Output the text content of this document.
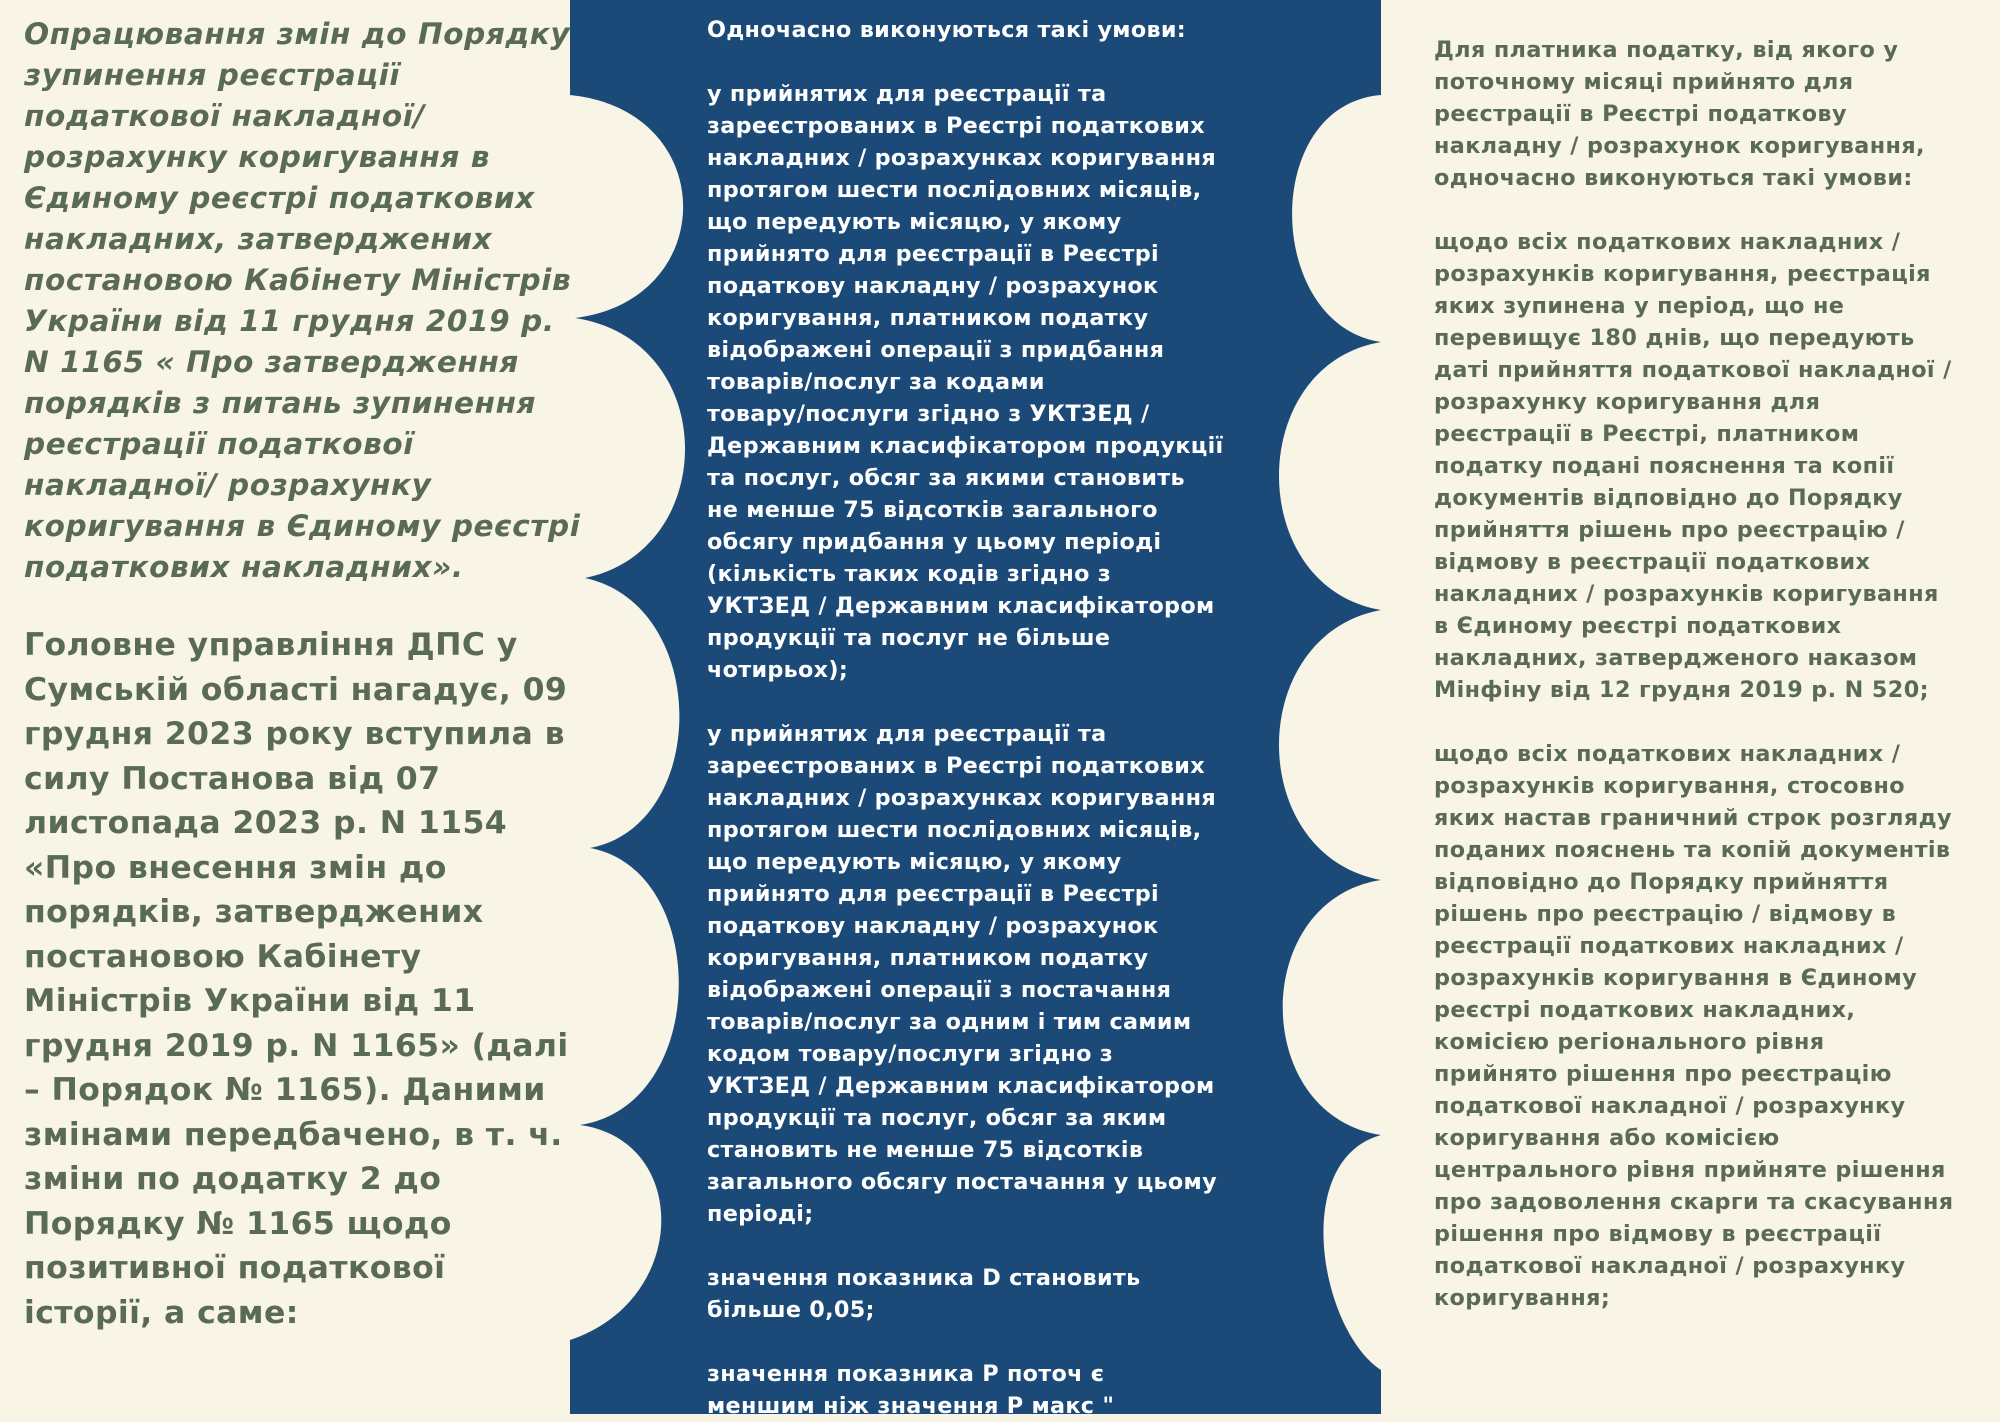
Опрацювання змін до Порядку
зупинення реєстрації
податкової накладної/
розрахунку коригування в
Єдиному реєстрі податкових
накладних, затверджених
постановою Кабінету Міністрів
України від 11 грудня 2019 р.
N 1165 « Про затвердження
порядків з питань зупинення
реєстрації податкової
накладної/ розрахунку
коригування в Єдиному реєстрі
податкових накладних».

Головне управління ДПС у
Сумській області нагадує, 09
грудня 2023 року вступила в
силу Постанова від 07
листопада 2023 р. N 1154
«Про внесення змін до
порядків, затверджених
постановою Кабінету
Міністрів України від 11
грудня 2019 р. N 1165» (далі
– Порядок № 1165). Даними
змінами передбачено, в т. ч.
зміни по додатку 2 до
Порядку № 1165 щодо
позитивної податкової
історії, а саме:

Одночасно виконуються такі умови:

у прийнятих для реєстрації та
зареєстрованих в Реєстрі податкових
накладних / розрахунках коригування
протягом шести послідовних місяців,
що передують місяцю, у якому
прийнято для реєстрації в Реєстрі
податкову накладну / розрахунок
коригування, платником податку
відображені операції з придбання
товарів/послуг за кодами
товару/послуги згідно з УКТЗЕД /
Державним класифікатором продукції
та послуг, обсяг за якими становить
не менше 75 відсотків загального
обсягу придбання у цьому періоді
(кількість таких кодів згідно з
УКТЗЕД / Державним класифікатором
продукції та послуг не більше
чотирьох);

у прийнятих для реєстрації та
зареєстрованих в Реєстрі податкових
накладних / розрахунках коригування
протягом шести послідовних місяців,
що передують місяцю, у якому
прийнято для реєстрації в Реєстрі
податкову накладну / розрахунок
коригування, платником податку
відображені операції з постачання
товарів/послуг за одним і тим самим
кодом товару/послуги згідно з
УКТЗЕД / Державним класифікатором
продукції та послуг, обсяг за яким
становить не менше 75 відсотків
загального обсягу постачання у цьому
періоді;

значення показника D становить
більше 0,05;

значення показника P поточ є
меншим ніж значення P макс "

Для платника податку, від якого у
поточному місяці прийнято для
реєстрації в Реєстрі податкову
накладну / розрахунок коригування,
одночасно виконуються такі умови:

щодо всіх податкових накладних /
розрахунків коригування, реєстрація
яких зупинена у період, що не
перевищує 180 днів, що передують
даті прийняття податкової накладної /
розрахунку коригування для
реєстрації в Реєстрі, платником
податку подані пояснення та копії
документів відповідно до Порядку
прийняття рішень про реєстрацію /
відмову в реєстрації податкових
накладних / розрахунків коригування
в Єдиному реєстрі податкових
накладних, затвердженого наказом
Мінфіну від 12 грудня 2019 р. N 520;

щодо всіх податкових накладних /
розрахунків коригування, стосовно
яких настав граничний строк розгляду
поданих пояснень та копій документів
відповідно до Порядку прийняття
рішень про реєстрацію / відмову в
реєстрації податкових накладних /
розрахунків коригування в Єдиному
реєстрі податкових накладних,
комісією регіонального рівня
прийнято рішення про реєстрацію
податкової накладної / розрахунку
коригування або комісією
центрального рівня прийняте рішення
про задоволення скарги та скасування
рішення про відмову в реєстрації
податкової накладної / розрахунку
коригування;
